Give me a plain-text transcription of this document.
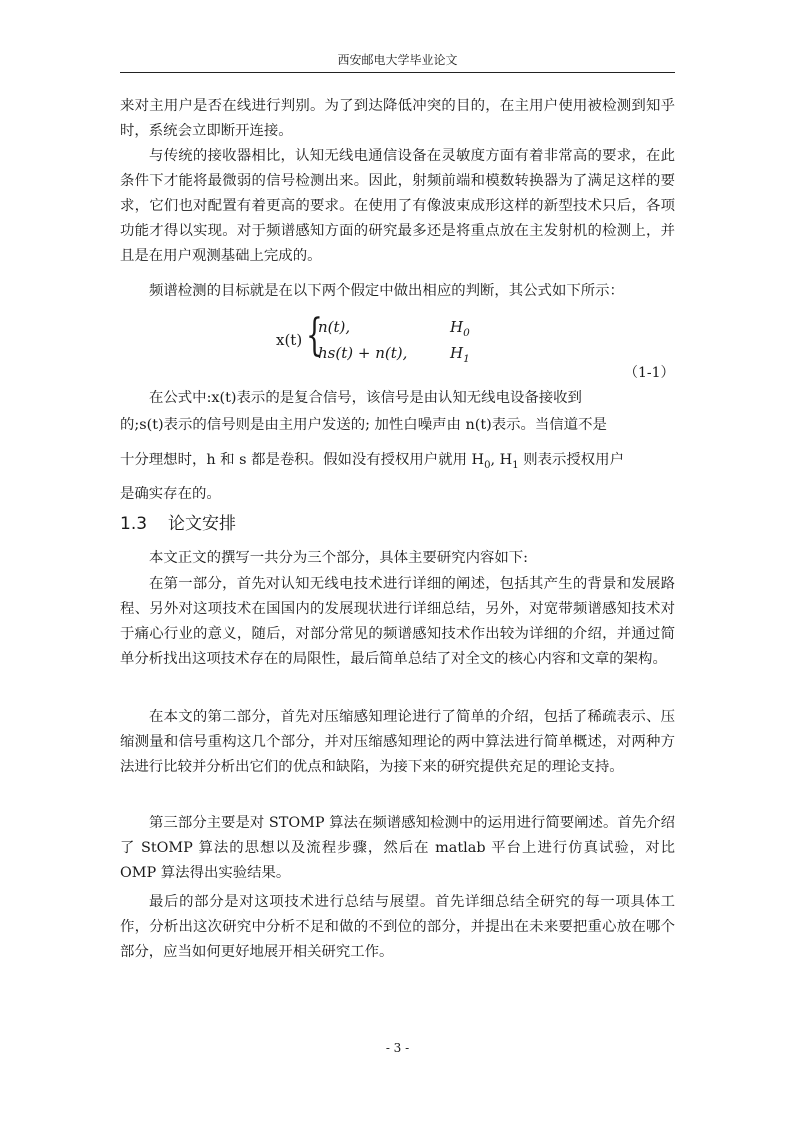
西安邮电大学毕业论文

来对主用户是否在线进行判别。为了到达降低冲突的目的，在主用户使用被检测到知乎时，系统会立即断开连接。

与传统的接收器相比，认知无线电通信设备在灵敏度方面有着非常高的要求，在此条件下才能将最微弱的信号检测出来。因此，射频前端和模数转换器为了满足这样的要求，它们也对配置有着更高的要求。在使用了有像波束成形这样的新型技术只后，各项功能才得以实现。对于频谱感知方面的研究最多还是将重点放在主发射机的检测上，并且是在用户观测基础上完成的。

频谱检测的目标就是在以下两个假定中做出相应的判断，其公式如下所示：

x(t) {
n(t),
hs(t) + n(t),
$H_0$
$H_1$
（1-1）
在公式中:x(t)表示的是复合信号，该信号是由认知无线电设备接收到
的;s(t)表示的信号则是由主用户发送的; 加性白噪声由 n(t)表示。当信道不是
十分理想时，h 和 s 都是卷积。假如没有授权用户就用 $H_0$, $H_1$ 则表示授权用户
是确实存在的。
1.3 论文安排

本文正文的撰写一共分为三个部分，具体主要研究内容如下:

在第一部分，首先对认知无线电技术进行详细的阐述，包括其产生的背景和发展路程、另外对这项技术在国国内的发展现状进行详细总结，另外，对宽带频谱感知技术对于痛心行业的意义，随后，对部分常见的频谱感知技术作出较为详细的介绍，并通过简单分析找出这项技术存在的局限性，最后简单总结了对全文的核心内容和文章的架构。

在本文的第二部分，首先对压缩感知理论进行了简单的介绍，包括了稀疏表示、压缩测量和信号重构这几个部分，并对压缩感知理论的两中算法进行简单概述，对两种方法进行比较并分析出它们的优点和缺陷，为接下来的研究提供充足的理论支持。

第三部分主要是对 STOMP 算法在频谱感知检测中的运用进行简要阐述。首先介绍了 StOMP 算法的思想以及流程步骤，然后在 matlab 平台上进行仿真试验，对比 OMP 算法得出实验结果。

最后的部分是对这项技术进行总结与展望。首先详细总结全研究的每一项具体工作，分析出这次研究中分析不足和做的不到位的部分，并提出在未来要把重心放在哪个部分，应当如何更好地展开相关研究工作。

- 3 -
